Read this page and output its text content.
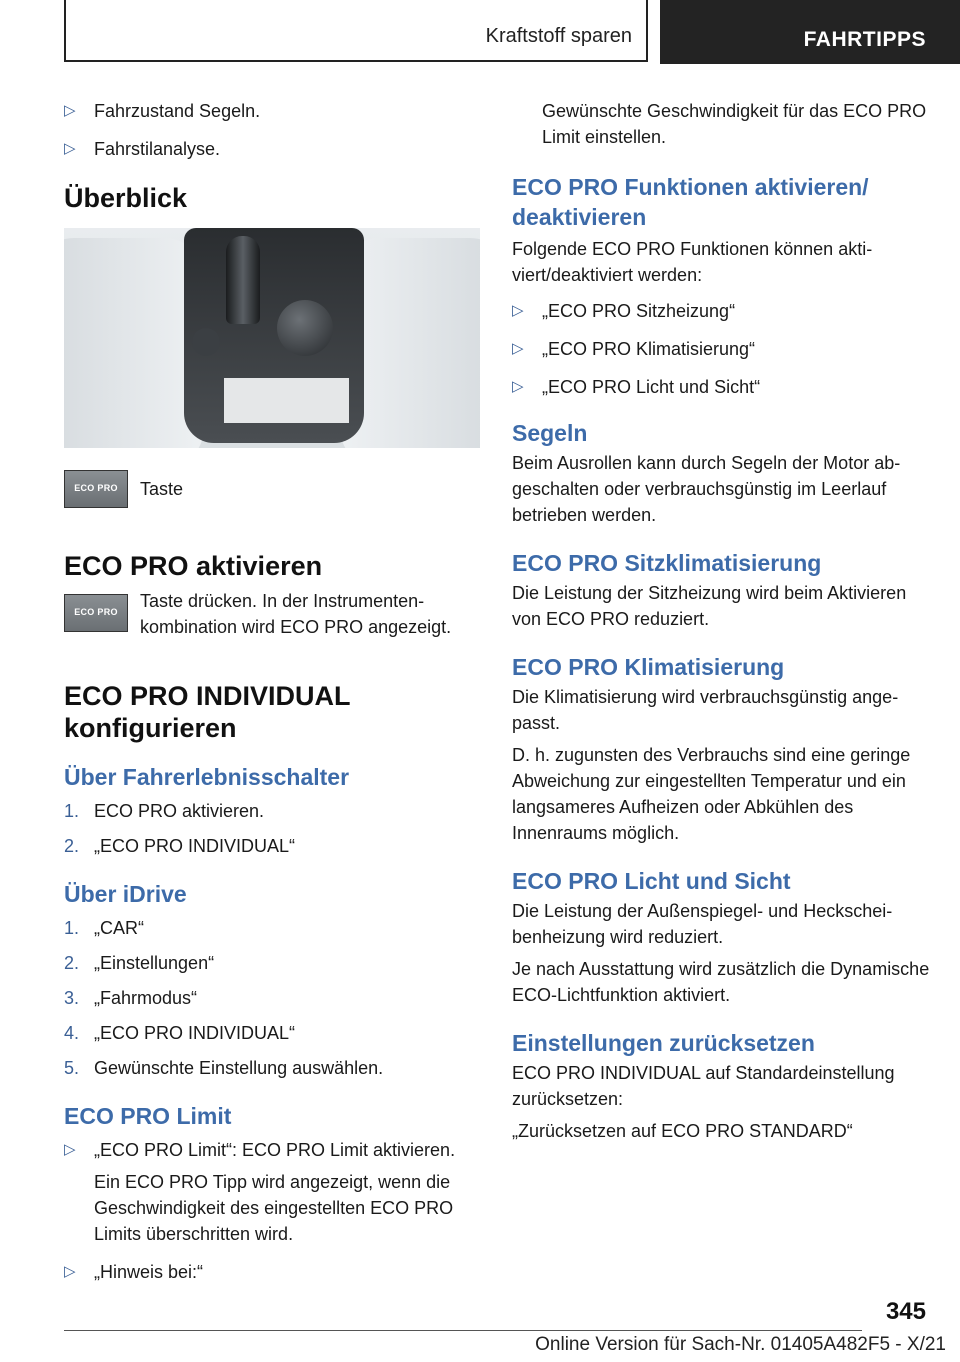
Kraftstoff sparen	FAHRTIPPS
▷ Fahrzustand Segeln.
▷ Fahrstilanalyse.
Überblick
ECO PRO	Taste

ECO PRO aktivieren
ECO PRO

Taste drücken. In der Instrumentenkombination wird ECO PRO angezeigt.

ECO PRO INDIVIDUAL konfigurieren
Über Fahrerlebnisschalter
1. ECO PRO aktivieren.
2. „ECO PRO INDIVIDUAL“
Über iDrive
1. „CAR“
2. „Einstellungen“
3. „Fahrmodus“
4. „ECO PRO INDIVIDUAL“
5. Gewünschte Einstellung auswählen.
ECO PRO Limit
▷ „ECO PRO Limit“: ECO PRO Limit aktivieren.

Ein ECO PRO Tipp wird angezeigt, wenn die Geschwindigkeit des eingestellten ECO PRO Limits überschritten wird.

▷ „Hinweis bei:“

Gewünschte Geschwindigkeit für das ECO PRO Limit einstellen.

ECO PRO Funktionen aktivieren/ deaktivieren

Folgende ECO PRO Funktionen können aktiviert/deaktiviert werden:

▷ „ECO PRO Sitzheizung“
▷ „ECO PRO Klimatisierung“
▷ „ECO PRO Licht und Sicht“
Segeln

Beim Ausrollen kann durch Segeln der Motor abgeschalten oder verbrauchsgünstig im Leerlauf betrieben werden.

ECO PRO Sitzklimatisierung

Die Leistung der Sitzheizung wird beim Aktivieren von ECO PRO reduziert.

ECO PRO Klimatisierung

Die Klimatisierung wird verbrauchsgünstig angepasst.

D. h. zugunsten des Verbrauchs sind eine geringe Abweichung zur eingestellten Temperatur und ein langsameres Aufheizen oder Abkühlen des Innenraums möglich.

ECO PRO Licht und Sicht

Die Leistung der Außenspiegel- und Heckscheibenheizung wird reduziert.

Je nach Ausstattung wird zusätzlich die Dynamische ECO-Lichtfunktion aktiviert.

Einstellungen zurücksetzen

ECO PRO INDIVIDUAL auf Standardeinstellung zurücksetzen:

„Zurücksetzen auf ECO PRO STANDARD“

345
Online Version für Sach-Nr. 01405A482F5 - X/21
